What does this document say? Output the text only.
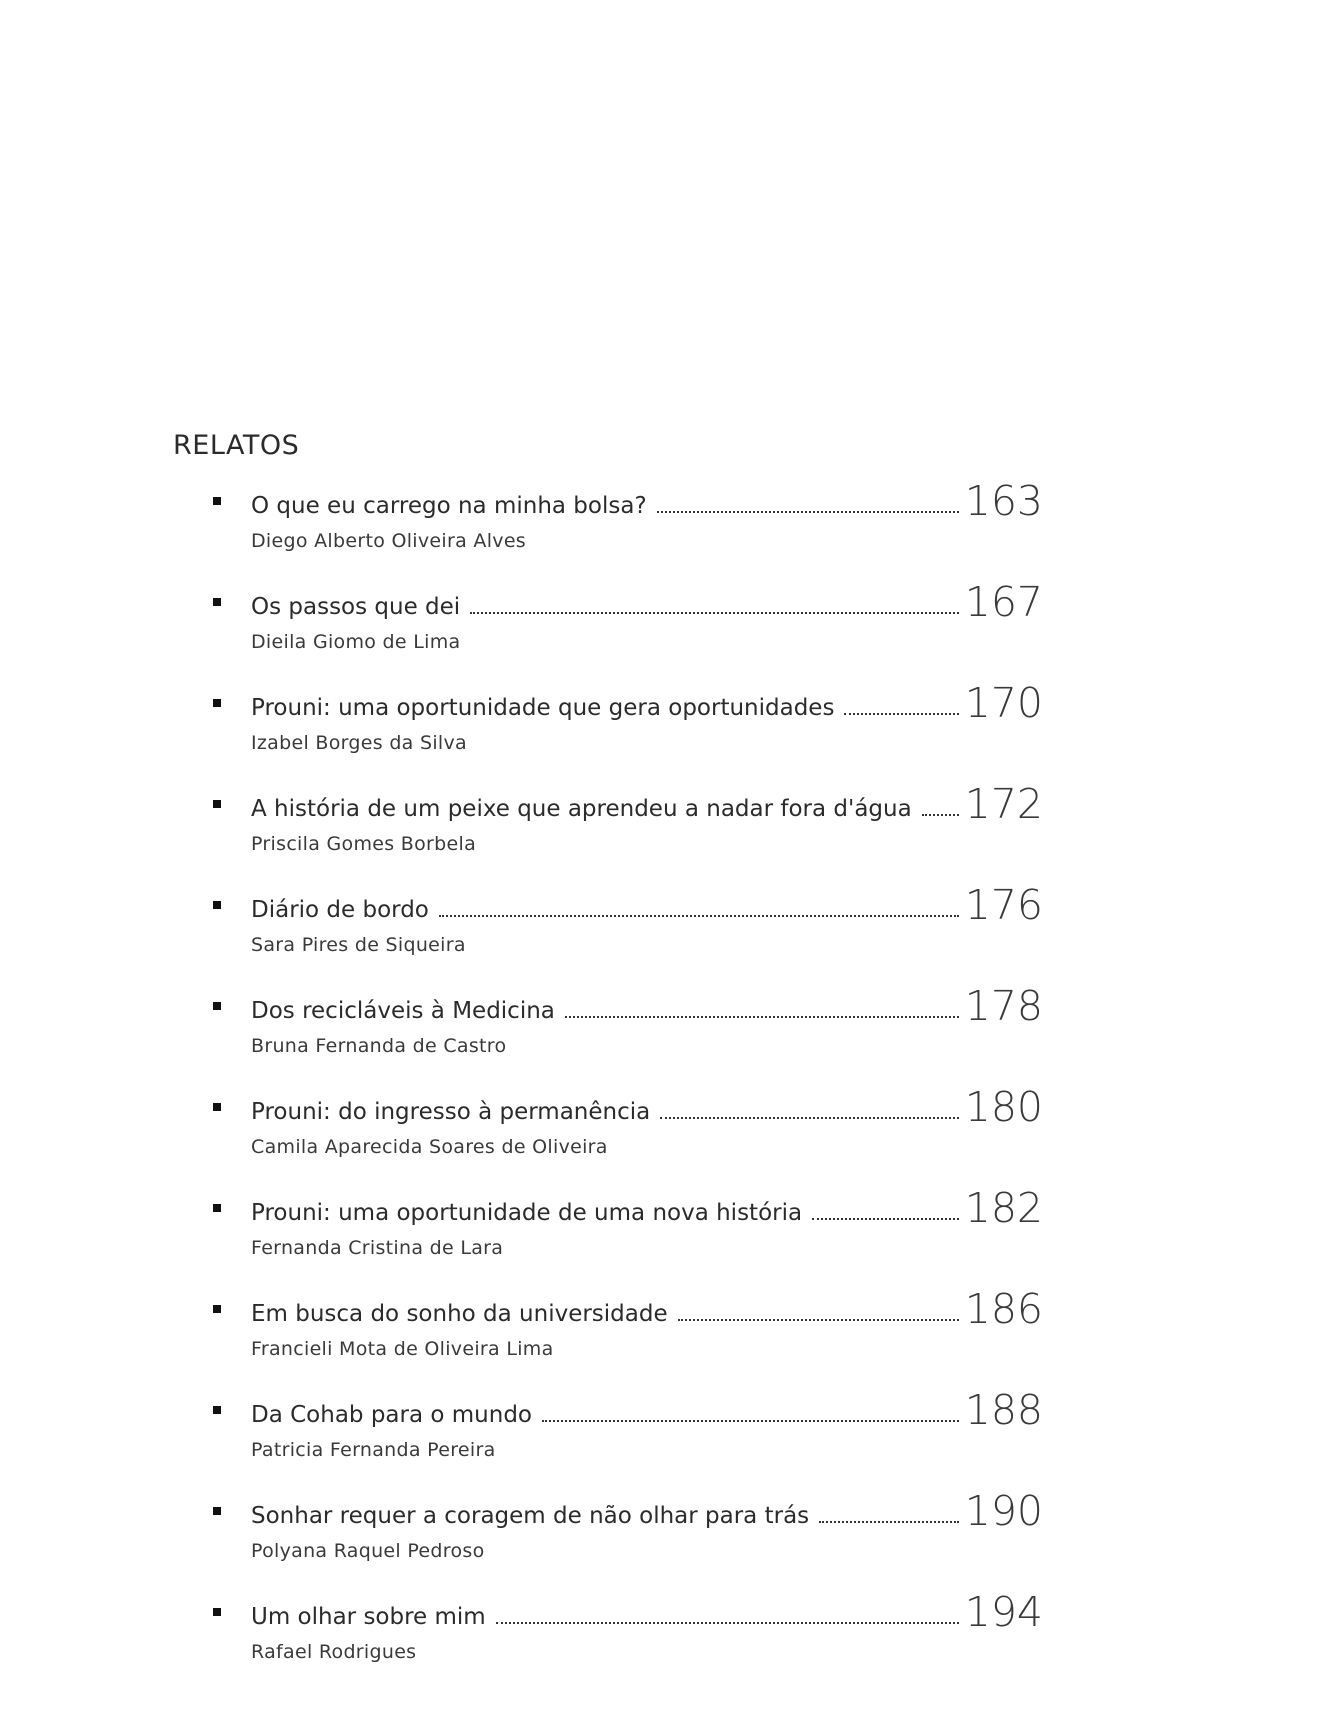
RELATOS
O que eu carrego na minha bolsa?	163
Diego Alberto Oliveira Alves
Os passos que dei	167
Dieila Giomo de Lima
Prouni: uma oportunidade que gera oportunidades	170
Izabel Borges da Silva
A história de um peixe que aprendeu a nadar fora d'água 172
Priscila Gomes Borbela
Diário de bordo	176
Sara Pires de Siqueira
Dos recicláveis à Medicina	178
Bruna Fernanda de Castro
Prouni: do ingresso à permanência	180
Camila Aparecida Soares de Oliveira
Prouni: uma oportunidade de uma nova história	182
Fernanda Cristina de Lara
Em busca do sonho da universidade	186
Francieli Mota de Oliveira Lima
Da Cohab para o mundo	188
Patricia Fernanda Pereira
Sonhar requer a coragem de não olhar para trás	190
Polyana Raquel Pedroso
Um olhar sobre mim	194
Rafael Rodrigues
